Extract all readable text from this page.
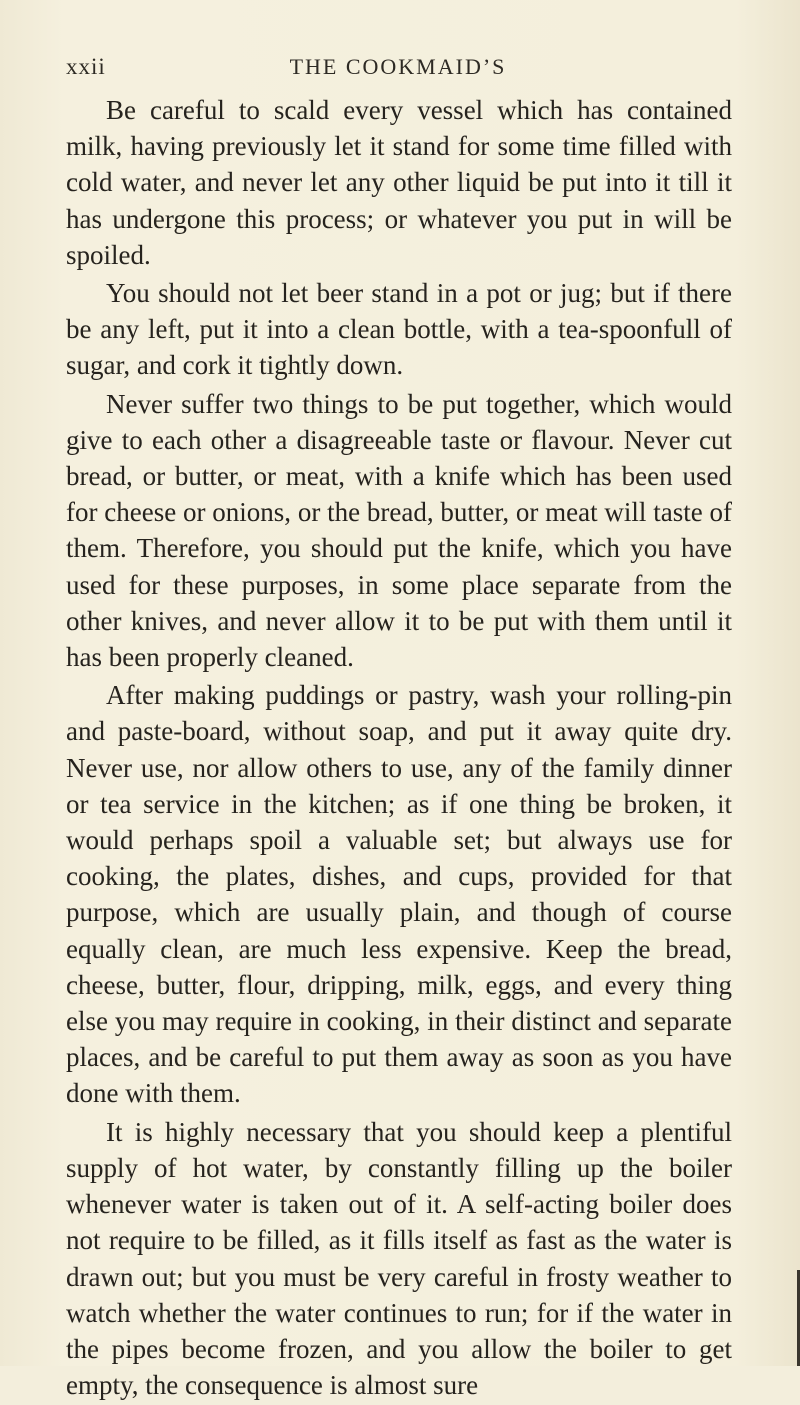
xxii	THE COOKMAID’S

Be careful to scald every vessel which has contained milk, having previously let it stand for some time filled with cold water, and never let any other liquid be put into it till it has undergone this process; or whatever you put in will be spoiled.

You should not let beer stand in a pot or jug; but if there be any left, put it into a clean bottle, with a tea-spoonfull of sugar, and cork it tightly down.

Never suffer two things to be put together, which would give to each other a disagreeable taste or flavour. Never cut bread, or butter, or meat, with a knife which has been used for cheese or onions, or the bread, butter, or meat will taste of them. Therefore, you should put the knife, which you have used for these purposes, in some place separate from the other knives, and never allow it to be put with them until it has been properly cleaned.

After making puddings or pastry, wash your rolling-pin and paste-board, without soap, and put it away quite dry. Never use, nor allow others to use, any of the family dinner or tea service in the kitchen; as if one thing be broken, it would perhaps spoil a valuable set; but always use for cooking, the plates, dishes, and cups, provided for that purpose, which are usually plain, and though of course equally clean, are much less expensive. Keep the bread, cheese, butter, flour, dripping, milk, eggs, and every thing else you may require in cooking, in their distinct and separate places, and be careful to put them away as soon as you have done with them.

It is highly necessary that you should keep a plentiful supply of hot water, by constantly filling up the boiler whenever water is taken out of it. A self-acting boiler does not require to be filled, as it fills itself as fast as the water is drawn out; but you must be very careful in frosty weather to watch whether the water continues to run; for if the water in the pipes become frozen, and you allow the boiler to get empty, the consequence is almost sure
